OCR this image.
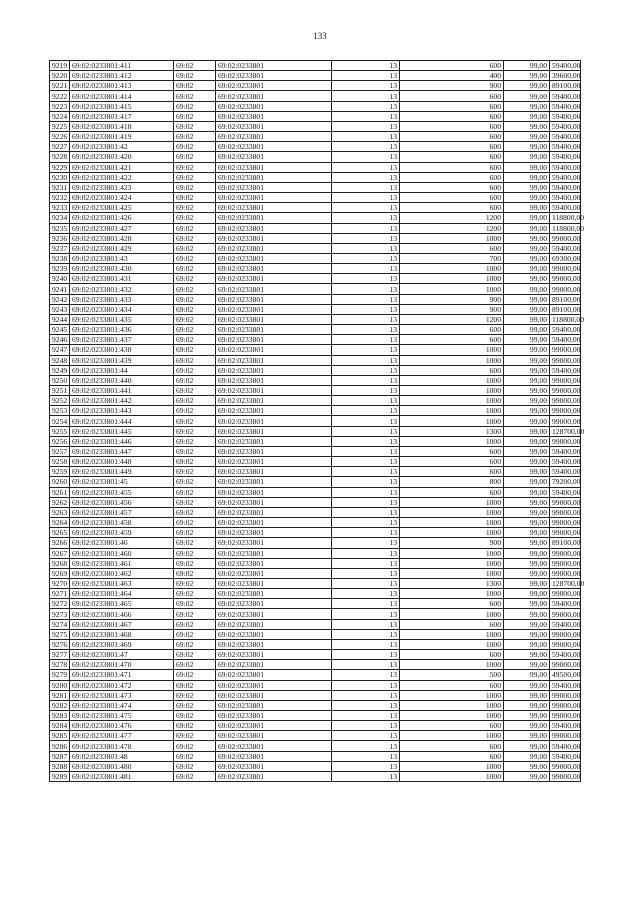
133
9219	69:02:0233801:411	69:02	69:02:0233801	13	600	99,00	59400,00
9220	69:02:0233801:412	69:02	69:02:0233801	13	400	99,00	39600,00
9221	69:02:0233801:413	69:02	69:02:0233801	13	900	99,00	89100,00
9222	69:02:0233801:414	69:02	69:02:0233801	13	600	99,00	59400,00
9223	69:02:0233801:415	69:02	69:02:0233801	13	600	99,00	59400,00
9224	69:02:0233801:417	69:02	69:02:0233801	13	600	99,00	59400,00
9225	69:02:0233801:418	69:02	69:02:0233801	13	600	99,00	59400,00
9226	69:02:0233801:419	69:02	69:02:0233801	13	600	99,00	59400,00
9227	69:02:0233801:42	69:02	69:02:0233801	13	600	99,00	59400,00
9228	69:02:0233801:420	69:02	69:02:0233801	13	600	99,00	59400,00
9229	69:02:0233801:421	69:02	69:02:0233801	13	600	99,00	59400,00
9230	69:02:0233801:422	69:02	69:02:0233801	13	600	99,00	59400,00
9231	69:02:0233801:423	69:02	69:02:0233801	13	600	99,00	59400,00
9232	69:02:0233801:424	69:02	69:02:0233801	13	600	99,00	59400,00
9233	69:02:0233801:425	69:02	69:02:0233801	13	600	99,00	59400,00
9234	69:02:0233801:426	69:02	69:02:0233801	13	1200	99,00	118800,00
9235	69:02:0233801:427	69:02	69:02:0233801	13	1200	99,00	118800,00
9236	69:02:0233801:428	69:02	69:02:0233801	13	1000	99,00	99000,00
9237	69:02:0233801:429	69:02	69:02:0233801	13	600	99,00	59400,00
9238	69:02:0233801:43	69:02	69:02:0233801	13	700	99,00	69300,00
9239	69:02:0233801:430	69:02	69:02:0233801	13	1000	99,00	99000,00
9240	69:02:0233801:431	69:02	69:02:0233801	13	1000	99,00	99000,00
9241	69:02:0233801:432	69:02	69:02:0233801	13	1000	99,00	99000,00
9242	69:02:0233801:433	69:02	69:02:0233801	13	900	99,00	89100,00
9243	69:02:0233801:434	69:02	69:02:0233801	13	900	99,00	89100,00
9244	69:02:0233801:435	69:02	69:02:0233801	13	1200	99,00	118800,00
9245	69:02:0233801:436	69:02	69:02:0233801	13	600	99,00	59400,00
9246	69:02:0233801:437	69:02	69:02:0233801	13	600	99,00	59400,00
9247	69:02:0233801:438	69:02	69:02:0233801	13	1000	99,00	99000,00
9248	69:02:0233801:439	69:02	69:02:0233801	13	1000	99,00	99000,00
9249	69:02:0233801:44	69:02	69:02:0233801	13	600	99,00	59400,00
9250	69:02:0233801:440	69:02	69:02:0233801	13	1000	99,00	99000,00
9251	69:02:0233801:441	69:02	69:02:0233801	13	1000	99,00	99000,00
9252	69:02:0233801:442	69:02	69:02:0233801	13	1000	99,00	99000,00
9253	69:02:0233801:443	69:02	69:02:0233801	13	1000	99,00	99000,00
9254	69:02:0233801:444	69:02	69:02:0233801	13	1000	99,00	99000,00
9255	69:02:0233801:445	69:02	69:02:0233801	13	1300	99,00	128700,00
9256	69:02:0233801:446	69:02	69:02:0233801	13	1000	99,00	99000,00
9257	69:02:0233801:447	69:02	69:02:0233801	13	600	99,00	59400,00
9258	69:02:0233801:448	69:02	69:02:0233801	13	600	99,00	59400,00
9259	69:02:0233801:449	69:02	69:02:0233801	13	600	99,00	59400,00
9260	69:02:0233801:45	69:02	69:02:0233801	13	800	99,00	79200,00
9261	69:02:0233801:455	69:02	69:02:0233801	13	600	99,00	59400,00
9262	69:02:0233801:456	69:02	69:02:0233801	13	1000	99,00	99000,00
9263	69:02:0233801:457	69:02	69:02:0233801	13	1000	99,00	99000,00
9264	69:02:0233801:458	69:02	69:02:0233801	13	1000	99,00	99000,00
9265	69:02:0233801:459	69:02	69:02:0233801	13	1000	99,00	99000,00
9266	69:02:0233801:46	69:02	69:02:0233801	13	900	99,00	89100,00
9267	69:02:0233801:460	69:02	69:02:0233801	13	1000	99,00	99000,00
9268	69:02:0233801:461	69:02	69:02:0233801	13	1000	99,00	99000,00
9269	69:02:0233801:462	69:02	69:02:0233801	13	1000	99,00	99000,00
9270	69:02:0233801:463	69:02	69:02:0233801	13	1300	99,00	128700,00
9271	69:02:0233801:464	69:02	69:02:0233801	13	1000	99,00	99000,00
9272	69:02:0233801:465	69:02	69:02:0233801	13	600	99,00	59400,00
9273	69:02:0233801:466	69:02	69:02:0233801	13	1000	99,00	99000,00
9274	69:02:0233801:467	69:02	69:02:0233801	13	600	99,00	59400,00
9275	69:02:0233801:468	69:02	69:02:0233801	13	1000	99,00	99000,00
9276	69:02:0233801:469	69:02	69:02:0233801	13	1000	99,00	99000,00
9277	69:02:0233801:47	69:02	69:02:0233801	13	600	99,00	59400,00
9278	69:02:0233801:470	69:02	69:02:0233801	13	1000	99,00	99000,00
9279	69:02:0233801:471	69:02	69:02:0233801	13	500	99,00	49500,00
9280	69:02:0233801:472	69:02	69:02:0233801	13	600	99,00	59400,00
9281	69:02:0233801:473	69:02	69:02:0233801	13	1000	99,00	99000,00
9282	69:02:0233801:474	69:02	69:02:0233801	13	1000	99,00	99000,00
9283	69:02:0233801:475	69:02	69:02:0233801	13	1000	99,00	99000,00
9284	69:02:0233801:476	69:02	69:02:0233801	13	600	99,00	59400,00
9285	69:02:0233801:477	69:02	69:02:0233801	13	1000	99,00	99000,00
9286	69:02:0233801:478	69:02	69:02:0233801	13	600	99,00	59400,00
9287	69:02:0233801:48	69:02	69:02:0233801	13	600	99,00	59400,00
9288	69:02:0233801:480	69:02	69:02:0233801	13	1000	99,00	99000,00
9289	69:02:0233801:481	69:02	69:02:0233801	13	1000	99,00	99000,00
